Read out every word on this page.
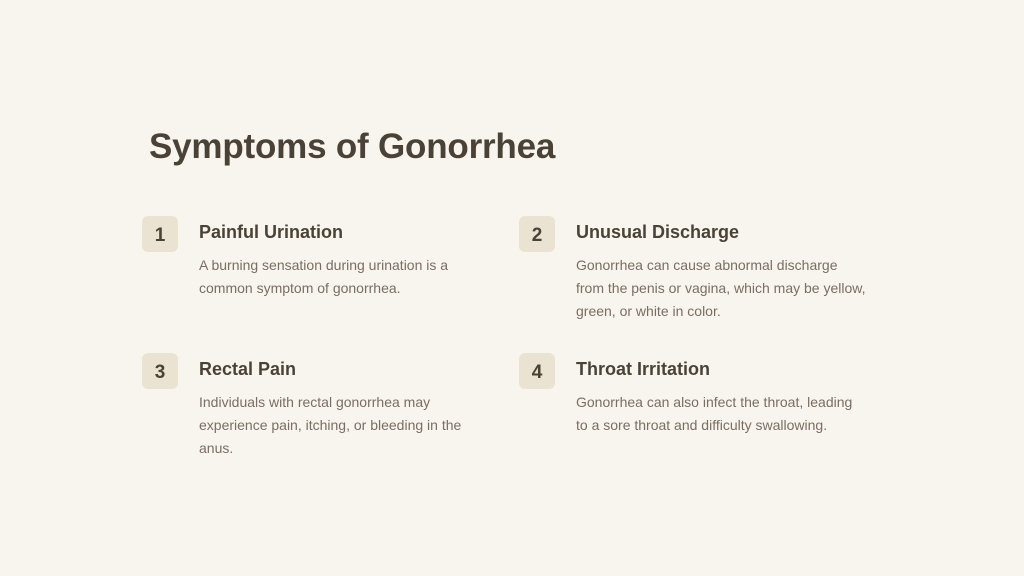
Symptoms of Gonorrhea
1	Painful Urination

A burning sensation during urination is a common symptom of gonorrhea.

2	Unusual Discharge

Gonorrhea can cause abnormal discharge from the penis or vagina, which may be yellow, green, or white in color.

3	Rectal Pain

Individuals with rectal gonorrhea may experience pain, itching, or bleeding in the anus.

4	Throat Irritation

Gonorrhea can also infect the throat, leading to a sore throat and difficulty swallowing.
